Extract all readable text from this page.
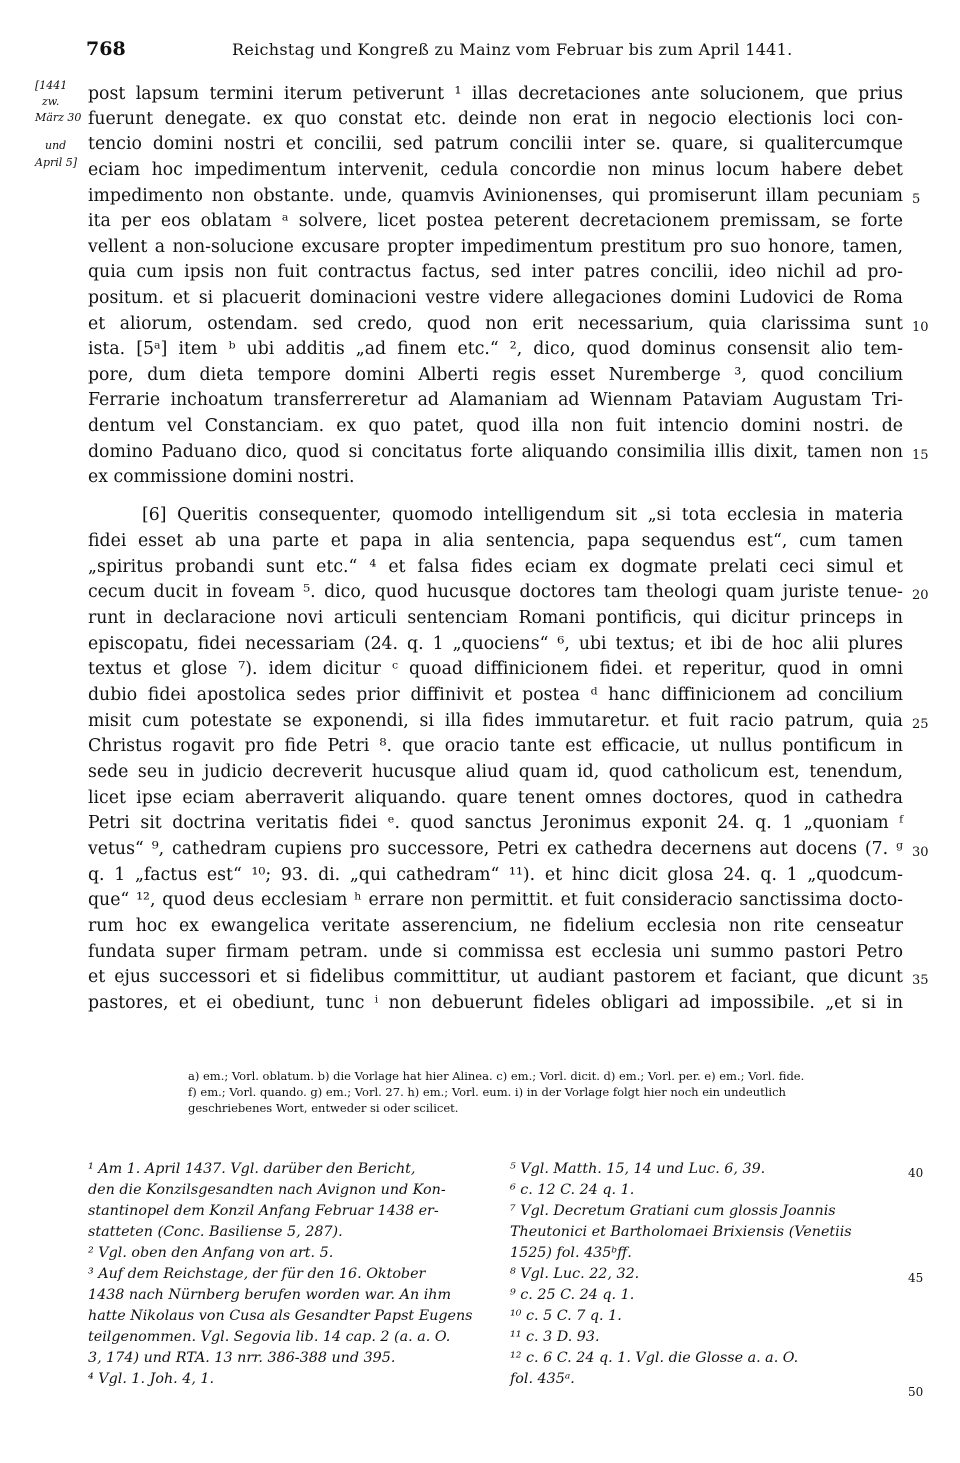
768	Reichstag und Kongreß zu Mainz vom Februar bis zum April 1441.
[1441
zw.
März 30
und
April 5]
post lapsum termini iterum petiverunt ¹ illas decretaciones ante solucionem, que prius
fuerunt denegate. ex quo constat etc. deinde non erat in negocio electionis loci con-
tencio domini nostri et concilii, sed patrum concilii inter se. quare, si qualitercumque
eciam hoc impedimentum intervenit, cedula concordie non minus locum habere debet
impedimento non obstante. unde, quamvis Avinionenses, qui promiserunt illam pecuniam
ita per eos oblatam ᵃ solvere, licet postea peterent decretacionem premissam, se forte
vellent a non-solucione excusare propter impedimentum prestitum pro suo honore, tamen,
quia cum ipsis non fuit contractus factus, sed inter patres concilii, ideo nichil ad pro-
positum. et si placuerit dominacioni vestre videre allegaciones domini Ludovici de Roma
et aliorum, ostendam. sed credo, quod non erit necessarium, quia clarissima sunt
ista. [5ᵃ] item ᵇ ubi additis „ad finem etc.“ ², dico, quod dominus consensit alio tem-
pore, dum dieta tempore domini Alberti regis esset Nuremberge ³, quod concilium
Ferrarie inchoatum transferreretur ad Alamaniam ad Wiennam Pataviam Augustam Tri-
dentum vel Constanciam. ex quo patet, quod illa non fuit intencio domini nostri. de
domino Paduano dico, quod si concitatus forte aliquando consimilia illis dixit, tamen non
ex commissione domini nostri.
[6] Queritis consequenter, quomodo intelligendum sit „si tota ecclesia in materia
fidei esset ab una parte et papa in alia sentencia, papa sequendus est“, cum tamen
„spiritus probandi sunt etc.“ ⁴ et falsa fides eciam ex dogmate prelati ceci simul et
cecum ducit in foveam ⁵. dico, quod hucusque doctores tam theologi quam juriste tenue-
runt in declaracione novi articuli sentenciam Romani pontificis, qui dicitur princeps in
episcopatu, fidei necessariam (24. q. 1 „quociens“ ⁶, ubi textus; et ibi de hoc alii plures
textus et glose ⁷). idem dicitur ᶜ quoad diffinicionem fidei. et reperitur, quod in omni
dubio fidei apostolica sedes prior diffinivit et postea ᵈ hanc diffinicionem ad concilium
misit cum potestate se exponendi, si illa fides immutaretur. et fuit racio patrum, quia
Christus rogavit pro fide Petri ⁸. que oracio tante est efficacie, ut nullus pontificum in
sede seu in judicio decreverit hucusque aliud quam id, quod catholicum est, tenendum,
licet ipse eciam aberraverit aliquando. quare tenent omnes doctores, quod in cathedra
Petri sit doctrina veritatis fidei ᵉ. quod sanctus Jeronimus exponit 24. q. 1 „quoniam ᶠ
vetus“ ⁹, cathedram cupiens pro successore, Petri ex cathedra decernens aut docens (7. ᵍ
q. 1 „factus est“ ¹⁰; 93. di. „qui cathedram“ ¹¹). et hinc dicit glosa 24. q. 1 „quodcum-
que“ ¹², quod deus ecclesiam ʰ errare non permittit. et fuit consideracio sanctissima docto-
rum hoc ex ewangelica veritate asserencium, ne fidelium ecclesia non rite censeatur
fundata super firmam petram. unde si commissa est ecclesia uni summo pastori Petro
et ejus successori et si fidelibus committitur, ut audiant pastorem et faciant, que dicunt
pastores, et ei obediunt, tunc ⁱ non debuerunt fideles obligari ad impossibile. „et si in
5
10
15
20
25
30
35
a) em.; Vorl. oblatum. b) die Vorlage hat hier Alinea. c) em.; Vorl. dicit. d) em.; Vorl. per. e) em.; Vorl. fide.
f) em.; Vorl. quando. g) em.; Vorl. 27. h) em.; Vorl. eum. i) in der Vorlage folgt hier noch ein undeutlich
geschriebenes Wort, entweder si oder scilicet.
¹ Am 1. April 1437. Vgl. darüber den Bericht,
den die Konzilsgesandten nach Avignon und Kon-
stantinopel dem Konzil Anfang Februar 1438 er-
statteten (Conc. Basiliense 5, 287).
² Vgl. oben den Anfang von art. 5.
³ Auf dem Reichstage, der für den 16. Oktober
1438 nach Nürnberg berufen worden war. An ihm
hatte Nikolaus von Cusa als Gesandter Papst Eugens
teilgenommen. Vgl. Segovia lib. 14 cap. 2 (a. a. O.
3, 174) und RTA. 13 nrr. 386-388 und 395.
⁴ Vgl. 1. Joh. 4, 1.
⁵ Vgl. Matth. 15, 14 und Luc. 6, 39.
⁶ c. 12 C. 24 q. 1.
⁷ Vgl. Decretum Gratiani cum glossis Joannis
Theutonici et Bartholomaei Brixiensis (Venetiis
1525) fol. 435ᵇff.
⁸ Vgl. Luc. 22, 32.
⁹ c. 25 C. 24 q. 1.
¹⁰ c. 5 C. 7 q. 1.
¹¹ c. 3 D. 93.
¹² c. 6 C. 24 q. 1. Vgl. die Glosse a. a. O.
fol. 435ᵃ.
40
45
50
